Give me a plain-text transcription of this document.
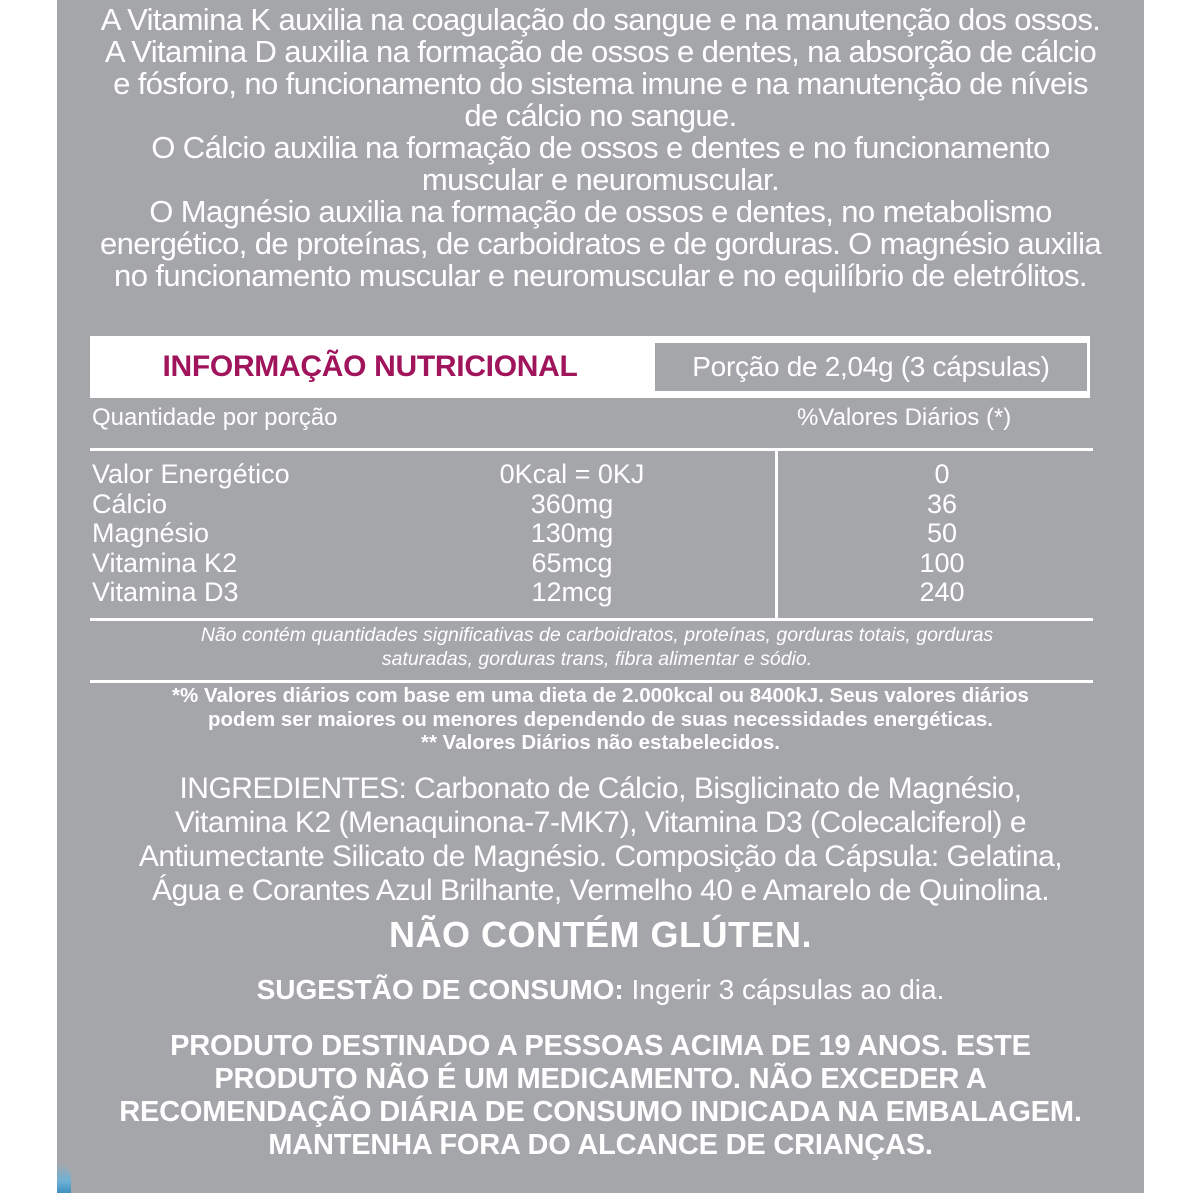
A Vitamina K auxilia na coagulação do sangue e na manutenção dos ossos.

A Vitamina D auxilia na formação de ossos e dentes, na absorção de cálcio

e fósforo, no funcionamento do sistema imune e na manutenção de níveis

de cálcio no sangue.

O Cálcio auxilia na formação de ossos e dentes e no funcionamento

muscular e neuromuscular.

O Magnésio auxilia na formação de ossos e dentes, no metabolismo

energético, de proteínas, de carboidratos e de gorduras. O magnésio auxilia

no funcionamento muscular e neuromuscular e no equilíbrio de eletrólitos.

INFORMAÇÃO NUTRICIONAL	Porção de 2,04g (3 cápsulas)
Quantidade por porção	%Valores Diários (*)
Valor Energético	0Kcal = 0KJ	0
Cálcio	360mg	36
Magnésio	130mg	50
Vitamina K2	65mcg	100
Vitamina D3	12mcg	240
Não contém quantidades significativas de carboidratos, proteínas, gorduras totais, gorduras
saturadas, gorduras trans, fibra alimentar e sódio.
*% Valores diários com base em uma dieta de 2.000kcal ou 8400kJ. Seus valores diários
podem ser maiores ou menores dependendo de suas necessidades energéticas.
** Valores Diários não estabelecidos.

INGREDIENTES: Carbonato de Cálcio, Bisglicinato de Magnésio,

Vitamina K2 (Menaquinona-7-MK7), Vitamina D3 (Colecalciferol) e

Antiumectante Silicato de Magnésio. Composição da Cápsula: Gelatina,

Água e Corantes Azul Brilhante, Vermelho 40 e Amarelo de Quinolina.

NÃO CONTÉM GLÚTEN.
SUGESTÃO DE CONSUMO: Ingerir 3 cápsulas ao dia.

PRODUTO DESTINADO A PESSOAS ACIMA DE 19 ANOS. ESTE

PRODUTO NÃO É UM MEDICAMENTO. NÃO EXCEDER A

RECOMENDAÇÃO DIÁRIA DE CONSUMO INDICADA NA EMBALAGEM.

MANTENHA FORA DO ALCANCE DE CRIANÇAS.
